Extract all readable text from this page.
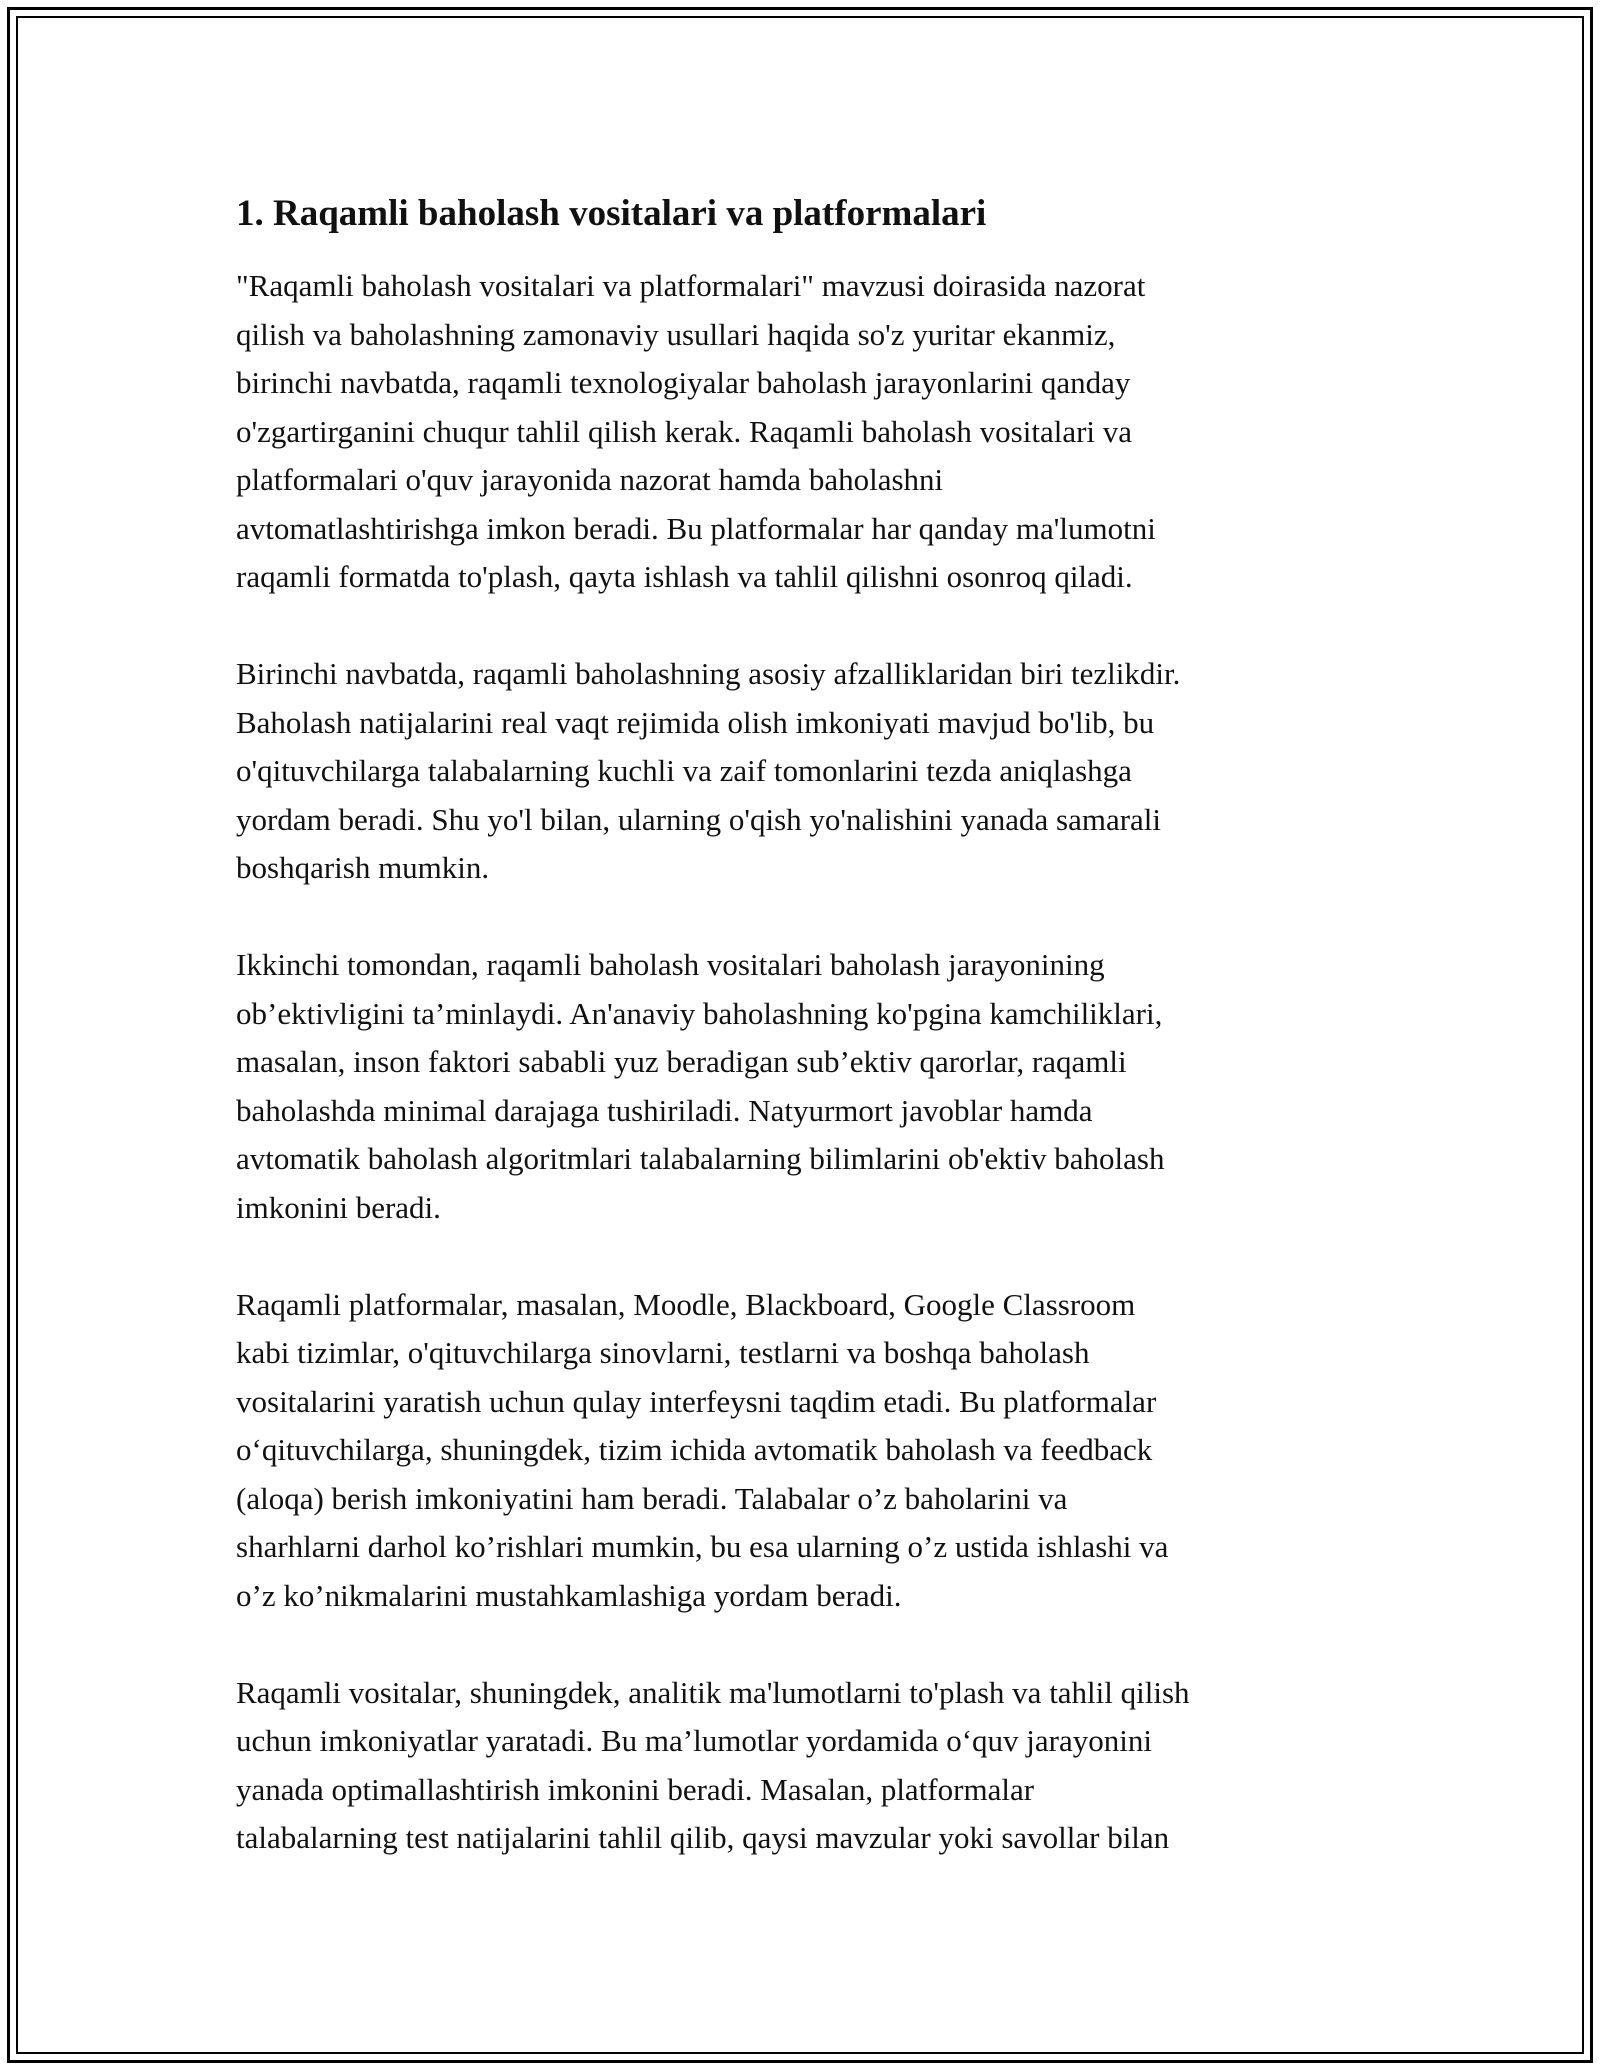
1. Raqamli baholash vositalari va platformalari

"Raqamli baholash vositalari va platformalari" mavzusi doirasida nazorat
qilish va baholashning zamonaviy usullari haqida so'z yuritar ekanmiz,
birinchi navbatda, raqamli texnologiyalar baholash jarayonlarini qanday
o'zgartirganini chuqur tahlil qilish kerak. Raqamli baholash vositalari va
platformalari o'quv jarayonida nazorat hamda baholashni
avtomatlashtirishga imkon beradi. Bu platformalar har qanday ma'lumotni
raqamli formatda to'plash, qayta ishlash va tahlil qilishni osonroq qiladi.

Birinchi navbatda, raqamli baholashning asosiy afzalliklaridan biri tezlikdir.
Baholash natijalarini real vaqt rejimida olish imkoniyati mavjud bo'lib, bu
o'qituvchilarga talabalarning kuchli va zaif tomonlarini tezda aniqlashga
yordam beradi. Shu yo'l bilan, ularning o'qish yo'nalishini yanada samarali
boshqarish mumkin.

Ikkinchi tomondan, raqamli baholash vositalari baholash jarayonining
ob’ektivligini ta’minlaydi. An'anaviy baholashning ko'pgina kamchiliklari,
masalan, inson faktori sababli yuz beradigan sub’ektiv qarorlar, raqamli
baholashda minimal darajaga tushiriladi. Natyurmort javoblar hamda
avtomatik baholash algoritmlari talabalarning bilimlarini ob'ektiv baholash
imkonini beradi.

Raqamli platformalar, masalan, Moodle, Blackboard, Google Classroom
kabi tizimlar, o'qituvchilarga sinovlarni, testlarni va boshqa baholash
vositalarini yaratish uchun qulay interfeysni taqdim etadi. Bu platformalar
o‘qituvchilarga, shuningdek, tizim ichida avtomatik baholash va feedback
(aloqa) berish imkoniyatini ham beradi. Talabalar o’z baholarini va
sharhlarni darhol ko’rishlari mumkin, bu esa ularning o’z ustida ishlashi va
o’z ko’nikmalarini mustahkamlashiga yordam beradi.

Raqamli vositalar, shuningdek, analitik ma'lumotlarni to'plash va tahlil qilish
uchun imkoniyatlar yaratadi. Bu ma’lumotlar yordamida o‘quv jarayonini
yanada optimallashtirish imkonini beradi. Masalan, platformalar
talabalarning test natijalarini tahlil qilib, qaysi mavzular yoki savollar bilan
